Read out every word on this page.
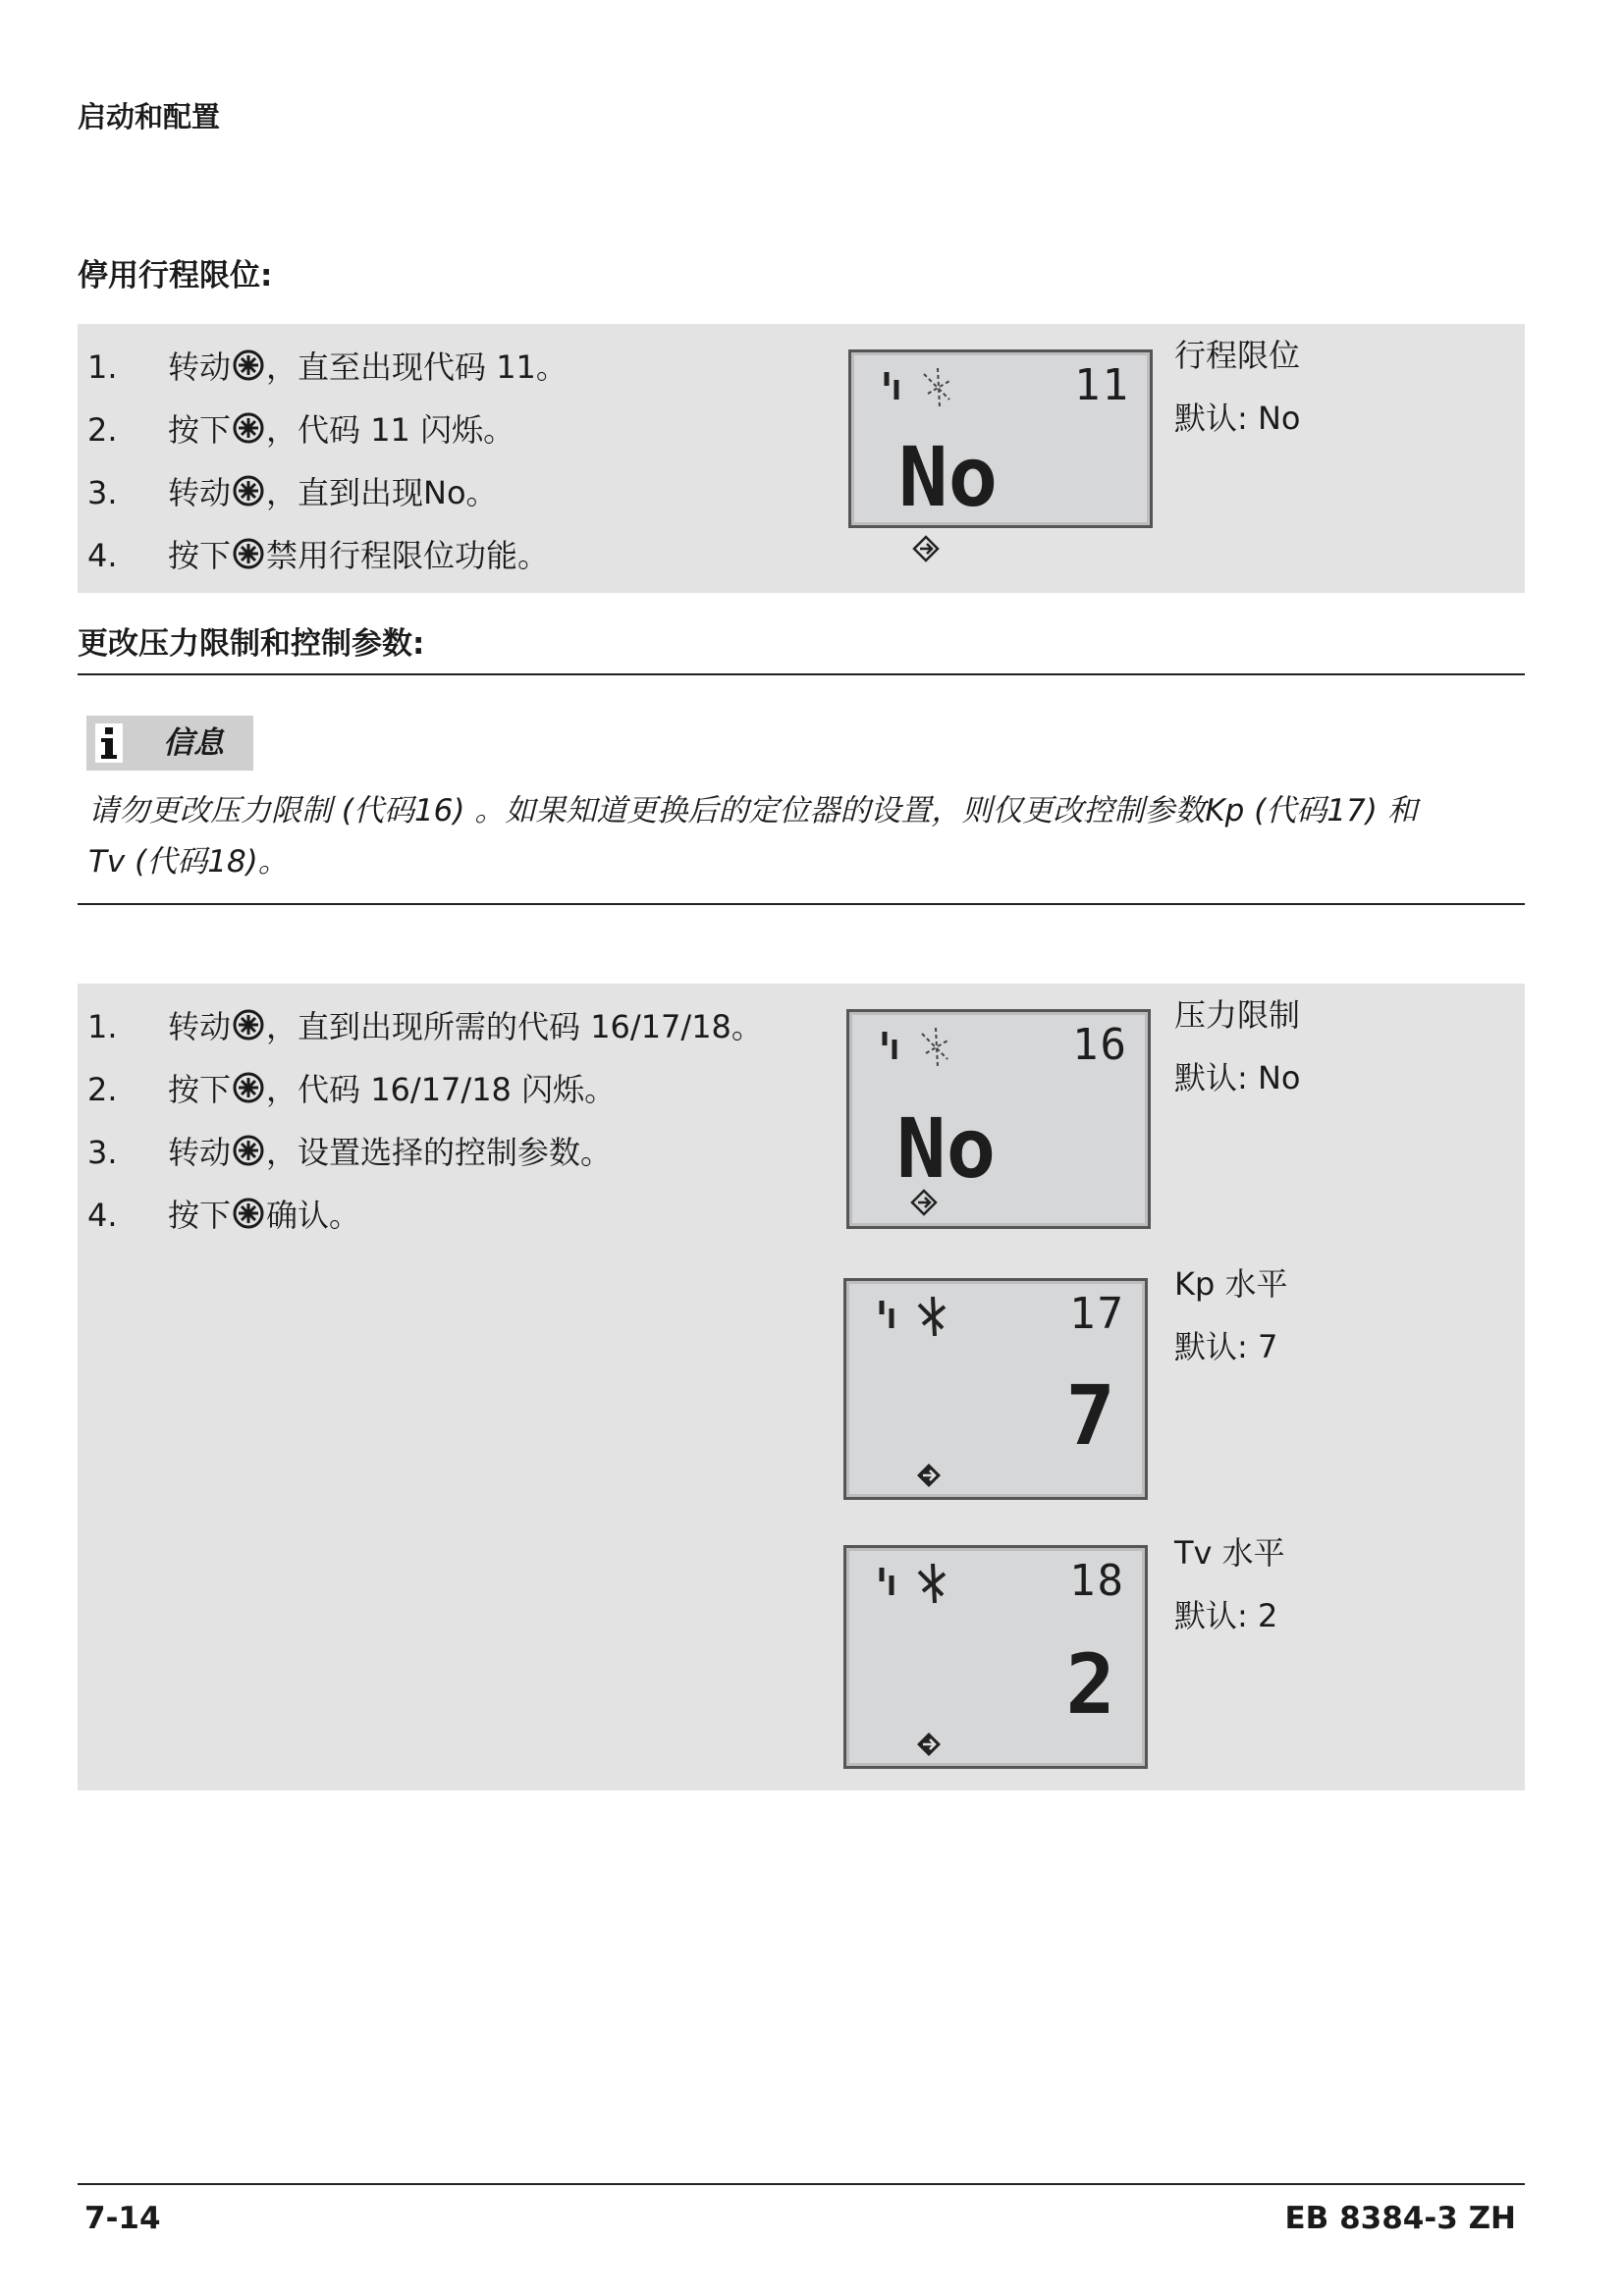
启动和配置
停用行程限位:
1.	转动 ，直至出现代码 11。
2.	按下 ，代码 11 闪烁。
3.	转动 ，直到出现No。
4.	按下 禁用行程限位功能。
11
No
行程限位
默认: No
更改压力限制和控制参数:
信息
请勿更改压力限制 (代码16) 。如果知道更换后的定位器的设置，则仅更改控制参数Kp (代码17) 和
Tv (代码18)。
1.	转动 ，直到出现所需的代码 16/17/18。
2.	按下 ，代码 16/17/18 闪烁。
3.	转动 ，设置选择的控制参数。
4.	按下 确认。
16
No
压力限制
默认: No
17
7
Kp 水平
默认: 7
18
2
Tv 水平
默认: 2
7-14	EB 8384-3 ZH
